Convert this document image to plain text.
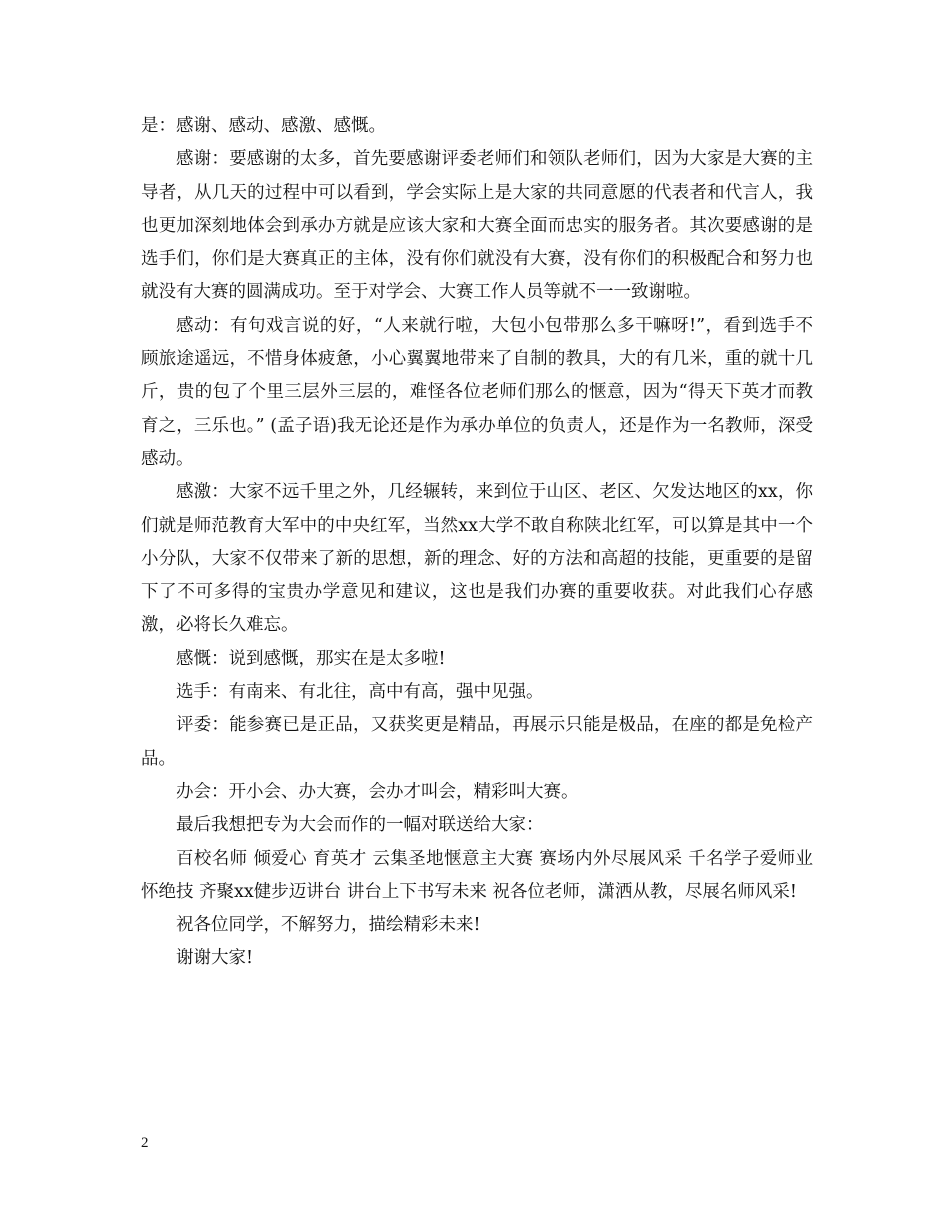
是：感谢、感动、感激、感慨。

感谢：要感谢的太多，首先要感谢评委老师们和领队老师们，因为大家是大赛的主导者，从几天的过程中可以看到，学会实际上是大家的共同意愿的代表者和代言人，我也更加深刻地体会到承办方就是应该大家和大赛全面而忠实的服务者。其次要感谢的是选手们，你们是大赛真正的主体，没有你们就没有大赛，没有你们的积极配合和努力也就没有大赛的圆满成功。至于对学会、大赛工作人员等就不一一致谢啦。

感动：有句戏言说的好，“人来就行啦，大包小包带那么多干嘛呀!”，看到选手不顾旅途遥远，不惜身体疲惫，小心翼翼地带来了自制的教具，大的有几米，重的就十几斤，贵的包了个里三层外三层的，难怪各位老师们那么的惬意，因为“得天下英才而教育之，三乐也。” (孟子语)我无论还是作为承办单位的负责人，还是作为一名教师，深受感动。

感激：大家不远千里之外，几经辗转，来到位于山区、老区、欠发达地区的xx，你们就是师范教育大军中的中央红军，当然xx大学不敢自称陕北红军，可以算是其中一个小分队，大家不仅带来了新的思想，新的理念、好的方法和高超的技能，更重要的是留下了不可多得的宝贵办学意见和建议，这也是我们办赛的重要收获。对此我们心存感激，必将长久难忘。

感慨：说到感慨，那实在是太多啦!

选手：有南来、有北往，高中有高，强中见强。

评委：能参赛已是正品，又获奖更是精品，再展示只能是极品，在座的都是免检产品。

办会：开小会、办大赛，会办才叫会，精彩叫大赛。

最后我想把专为大会而作的一幅对联送给大家：

百校名师 倾爱心 育英才 云集圣地惬意主大赛 赛场内外尽展风采 千名学子爱师业 怀绝技 齐聚xx健步迈讲台 讲台上下书写未来 祝各位老师，潇洒从教，尽展名师风采!

祝各位同学，不解努力，描绘精彩未来!

谢谢大家!

2
